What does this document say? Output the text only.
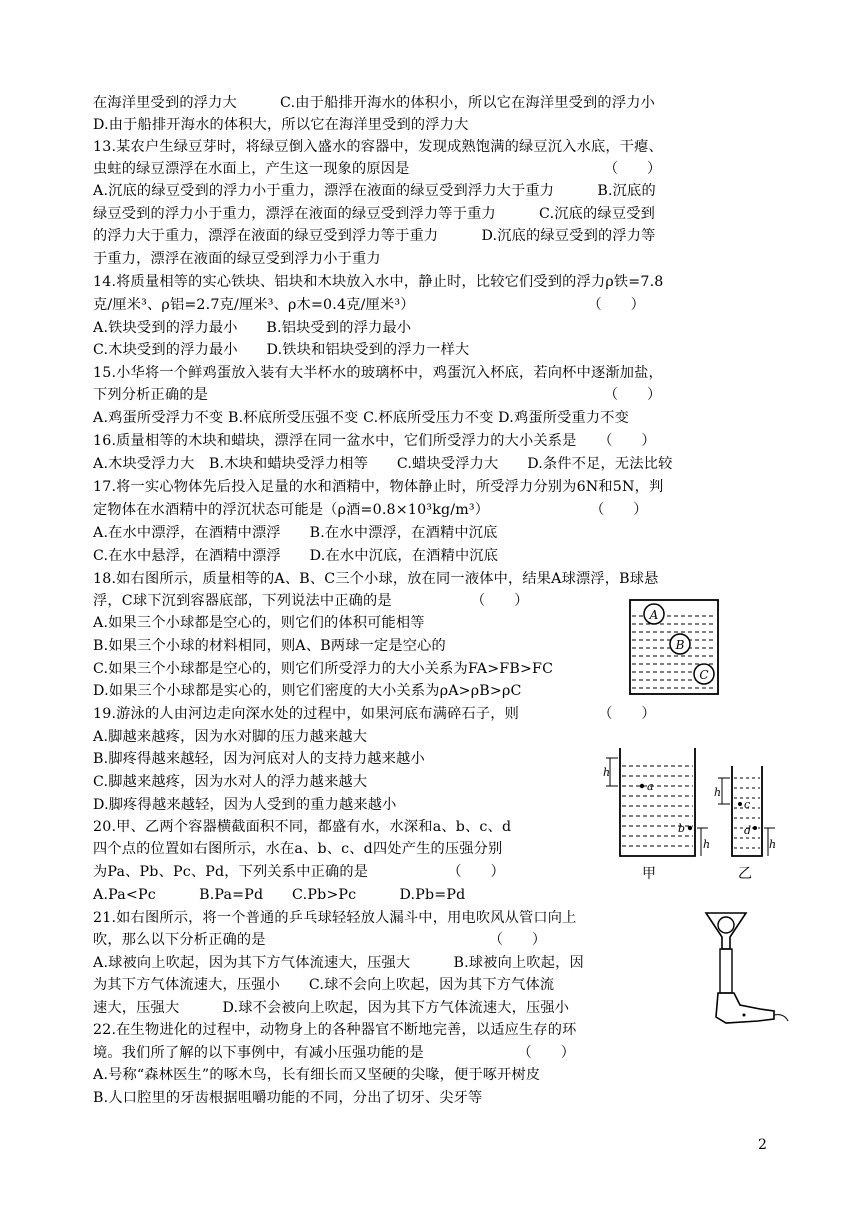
在海洋里受到的浮力大　　　C.由于船排开海水的体积小，所以它在海洋里受到的浮力小
D.由于船排开海水的体积大，所以它在海洋里受到的浮力大
13.某农户生绿豆芽时，将绿豆倒入盛水的容器中，发现成熟饱满的绿豆沉入水底，干瘪、
虫蛀的绿豆漂浮在水面上，产生这一现象的原因是　　　　　　　　　　　　　　（　　）
A.沉底的绿豆受到的浮力小于重力，漂浮在液面的绿豆受到浮力大于重力　　　B.沉底的
绿豆受到的浮力小于重力，漂浮在液面的绿豆受到浮力等于重力　　　C.沉底的绿豆受到
的浮力大于重力，漂浮在液面的绿豆受到浮力等于重力　　　D.沉底的绿豆受到的浮力等
于重力，漂浮在液面的绿豆受到浮力小于重力
14.将质量相等的实心铁块、铝块和木块放入水中，静止时，比较它们受到的浮力ρ铁=7.8
克/厘米³、ρ铝=2.7克/厘米³、ρ木=0.4克/厘米³）　　　　　　　　　　　　　（　　）
A.铁块受到的浮力最小　　B.铝块受到的浮力最小
C.木块受到的浮力最小　　D.铁块和铝块受到的浮力一样大
15.小华将一个鲜鸡蛋放入装有大半杯水的玻璃杯中，鸡蛋沉入杯底，若向杯中逐渐加盐，
下列分析正确的是　　　　　　　　　　　　　　　　　　　　　　　　　　　　（　　）
A.鸡蛋所受浮力不变 B.杯底所受压强不变 C.杯底所受压力不变 D.鸡蛋所受重力不变
16.质量相等的木块和蜡块，漂浮在同一盆水中，它们所受浮力的大小关系是　　（　　）
A.木块受浮力大　B.木块和蜡块受浮力相等　　C.蜡块受浮力大　　D.条件不足，无法比较
17.将一实心物体先后投入足量的水和酒精中，物体静止时，所受浮力分别为6N和5N，判
定物体在水酒精中的浮沉状态可能是（ρ酒=0.8×10³kg/m³）　　　　　　　　（　　）
A.在水中漂浮，在酒精中漂浮　　B.在水中漂浮，在酒精中沉底
C.在水中悬浮，在酒精中漂浮　　D.在水中沉底，在酒精中沉底
18.如右图所示，质量相等的A、B、C三个小球，放在同一液体中，结果A球漂浮，B球悬
浮，C球下沉到容器底部，下列说法中正确的是　　　　　　（　　）
A.如果三个小球都是空心的，则它们的体积可能相等
B.如果三个小球的材料相同，则A、B两球一定是空心的
C.如果三个小球都是空心的，则它们所受浮力的大小关系为FA>FB>FC
D.如果三个小球都是实心的，则它们密度的大小关系为ρA>ρB>ρC
19.游泳的人由河边走向深水处的过程中，如果河底布满碎石子，则　　　　　　（　　）
A.脚越来越疼，因为水对脚的压力越来越大
B.脚疼得越来越轻，因为河底对人的支持力越来越小
C.脚越来越疼，因为水对人的浮力越来越大
D.脚疼得越来越轻，因为人受到的重力越来越小
20.甲、乙两个容器横截面积不同，都盛有水，水深和a、b、c、d
四个点的位置如右图所示，水在a、b、c、d四处产生的压强分别
为Pa、Pb、Pc、Pd，下列关系中正确的是　　　　　　（　　）
A.Pa<Pc　　　B.Pa=Pd　　C.Pb>Pc　　　D.Pb=Pd
21.如右图所示，将一个普通的乒乓球轻轻放人漏斗中，用电吹风从管口向上
吹，那么以下分析正确的是　　　　　　　　　　　　　　　　（　　）
A.球被向上吹起，因为其下方气体流速大，压强大　　　B.球被向上吹起，因
为其下方气体流速大，压强小　　C.球不会向上吹起，因为其下方气体流
速大，压强大　　　D.球不会被向上吹起，因为其下方气体流速大，压强小
22.在生物进化的过程中，动物身上的各种器官不断地完善，以适应生存的环
境。我们所了解的以下事例中，有减小压强功能的是　　　　　　　（　　）
A.号称“森林医生”的啄木鸟，长有细长而又坚硬的尖喙，便于啄开树皮
B.人口腔里的牙齿根据咀嚼功能的不同，分出了切牙、尖牙等
A
B
C
h
a
h
b
甲
h
c
h
d
乙
2
